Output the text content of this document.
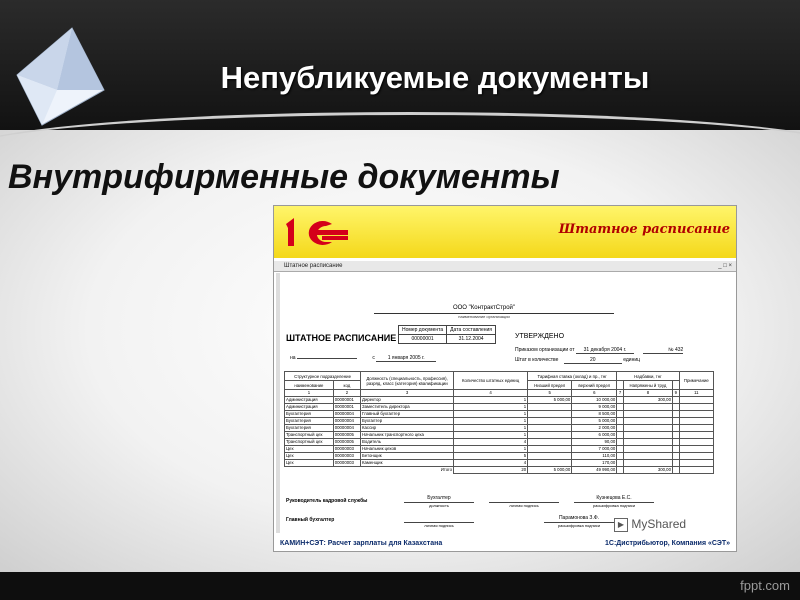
Непубликуемые документы
Внутрифирменные документы
Штатное расписание
Штатное расписание	_ □ ×
ООО "КонтрактСтрой"
наименование организации
ШТАТНОЕ РАСПИСАНИЕ
Номер документа	Дата составления
00000001	31.12.2004	УТВЕРЖДЕНО
Приказом организации от 31 декабря 2004 г.	№ 432
Штат в количестве	20	единиц
на	с	1 января 2005 г.
Структурное подразделение		Должность (специальность, профессия), разряд, класс (категория) квалификации	Количество штатных единиц	Тарифная ставка (оклад) и пр., тнг		Надбавки, тнг			Примечание
наименование	код			Низший предел	верхний предел		Напряжены й труд		
1	2	3	4	5	6	7	8	9	11
Администрация	00000001	Директор	1	5 000,00	10 000,00		300,00		
Администрация	00000001	Заместитель директора	1		9 000,00				
Бухгалтерия	00000004	Главный бухгалтер	1		8 500,00				
Бухгалтерия	00000004	Бухгалтер	1		5 000,00				
Бухгалтерия	00000004	Кассир	1		2 000,00				
Транспортный цех	00000005	Начальник транспортного цеха	1		6 000,00				
Транспортный цех	00000005	Водитель	4		90,00				
Цех	00000003	Начальник цехов	1		7 000,00				
Цех	00000003	Бетонщик	5		110,00				
Цех	00000003	Каменщик	4		170,00				
Итого			20	5 000,00	49 990,00		300,00		
Руководитель кадровой службы	Бухгалтер	Кузнецова Е.С.
должность	личная подпись	расшифровка подписи
Главный бухгалтер	Парамонова З.Ф.
личная подпись	расшифровка подписи	▶ MyShared
КАМИН+СЭТ: Расчет зарплаты для Казахстана	1С:Дистрибьютор, Компания «СЭТ»
fppt.com
